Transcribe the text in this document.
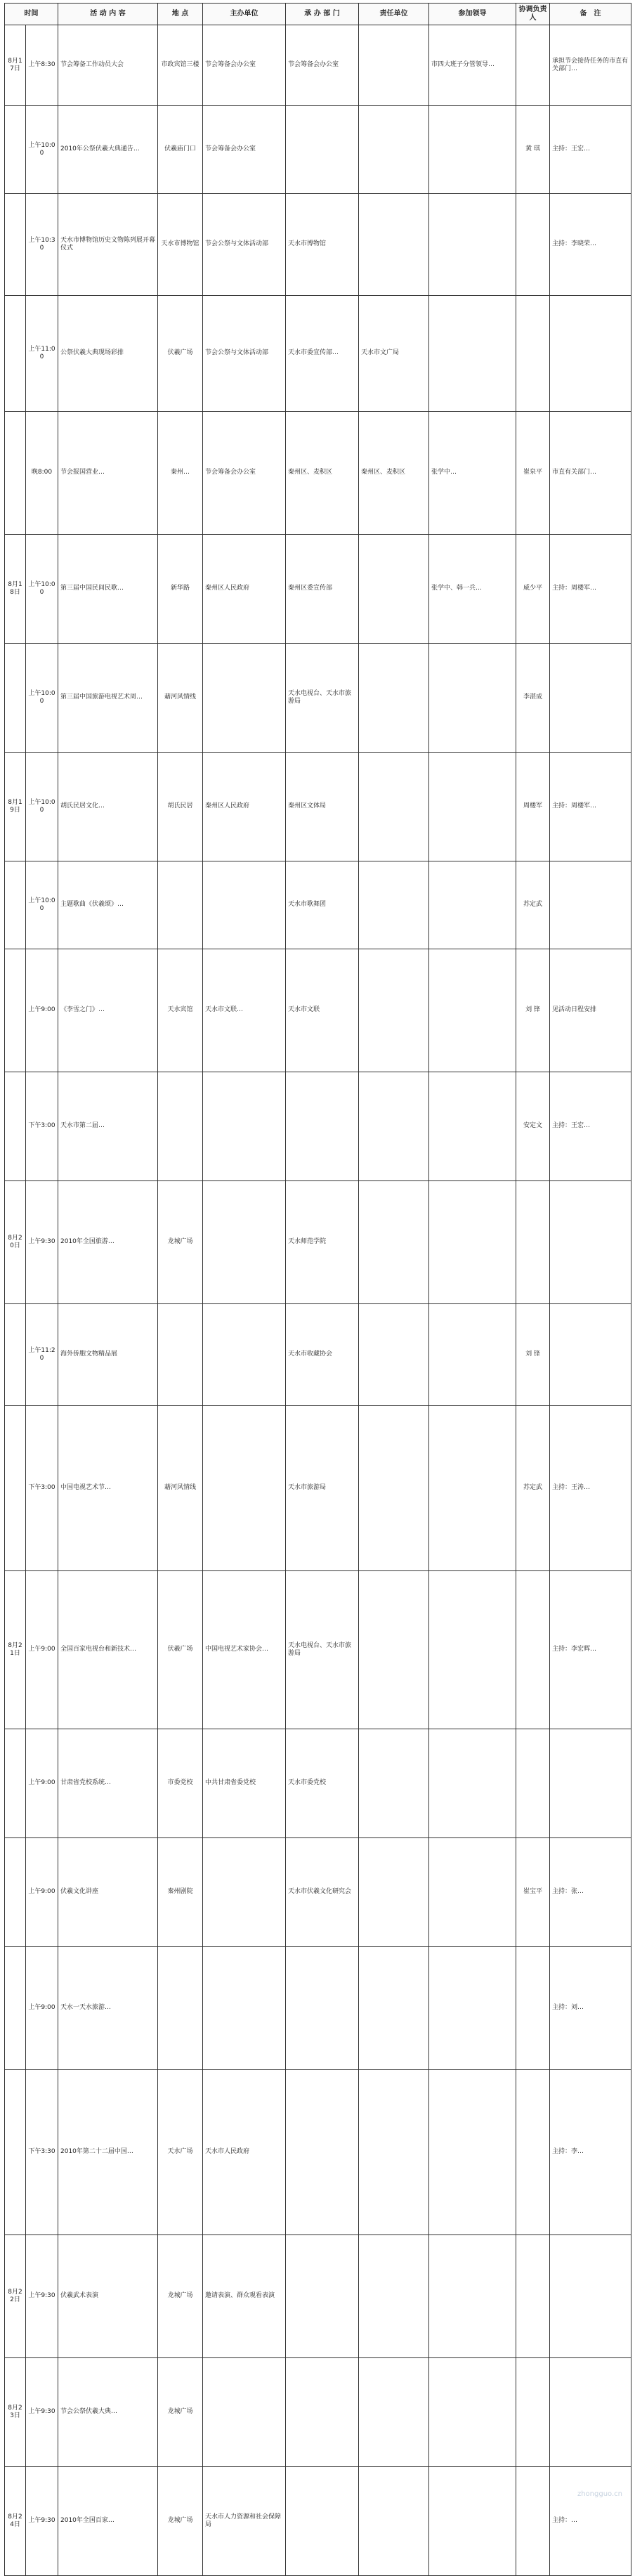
时间		活 动 内 容	地 点	主办单位	承 办 部 门	责任单位	参加领导	协调负责人	备　注
8月17日	上午8:30	节会筹备工作动员大会	市政宾馆三楼	节会筹备会办公室	节会筹备会办公室		市四大班子分管领导…		承担节会接待任务的市直有关部门…
	上午10:00	2010年公祭伏羲大典通告…	伏羲庙门口	节会筹备会办公室				黄 琪	主持：王宏…
	上午10:30	天水市博物馆历史文物陈列展开幕仪式	天水市博物馆	节会公祭与文体活动部	天水市博物馆				主持：李晓荣…
	上午11:00	公祭伏羲大典现场彩排	伏羲广场	节会公祭与文体活动部	天水市委宣传部…	天水市文广局			
	晚8:00	节会报国营业…	秦州…	节会筹备会办公室	秦州区、麦积区	秦州区、麦积区	张学中…	崔泉平	市直有关部门…
8月18日	上午10:00	第三届中国民间民歌…	新华路	秦州区人民政府	秦州区委宣传部		张学中、韩一兵…	威少平	主持：周楼军…
	上午10:00	第三届中国旅游电视艺术周…	藉河风情线		天水电视台、天水市旅游局			李湛成	
8月19日	上午10:00	胡氏民居文化…	胡氏民居	秦州区人民政府	秦州区文体局			周楼军	主持：周楼军…
	上午10:00	主题歌曲《伏羲颂》…			天水市歌舞团			苏定武	
	上午9:00	《李雪之门》…	天水宾馆	天水市文联…	天水市文联			刘 锋	见活动日程安排
	下午3:00	天水市第二届…						安定文	主持：王宏…
8月20日	上午9:30	2010年全国旅游…	龙城广场		天水师范学院				
	上午11:20	海外侨胞文物精品展			天水市收藏协会			刘 锋	
	下午3:00	中国电视艺术节…	藉河风情线		天水市旅游局			苏定武	主持：王涛…
8月21日	上午9:00	全国百家电视台和新技术…	伏羲广场	中国电视艺术家协会…	天水电视台、天水市旅游局				主持：李宏辉…
	上午9:00	甘肃省党校系统…	市委党校	中共甘肃省委党校	天水市委党校				
	上午9:00	伏羲文化讲座	秦州剧院		天水市伏羲文化研究会			崔宝平	主持：张…
	上午9:00	天水一天水旅游…							主持：刘…
	下午3:30	2010年第二十二届中国…	天水广场	天水市人民政府					主持：李…
8月22日	上午9:30	伏羲武术表演	龙城广场	邀请表演、群众观看表演					
8月23日	上午9:30	节会公祭伏羲大典…	龙城广场						
8月24日	上午9:30	2010年全国百家…	龙城广场	天水市人力资源和社会保障局					主持：…
zhongguo.cn
